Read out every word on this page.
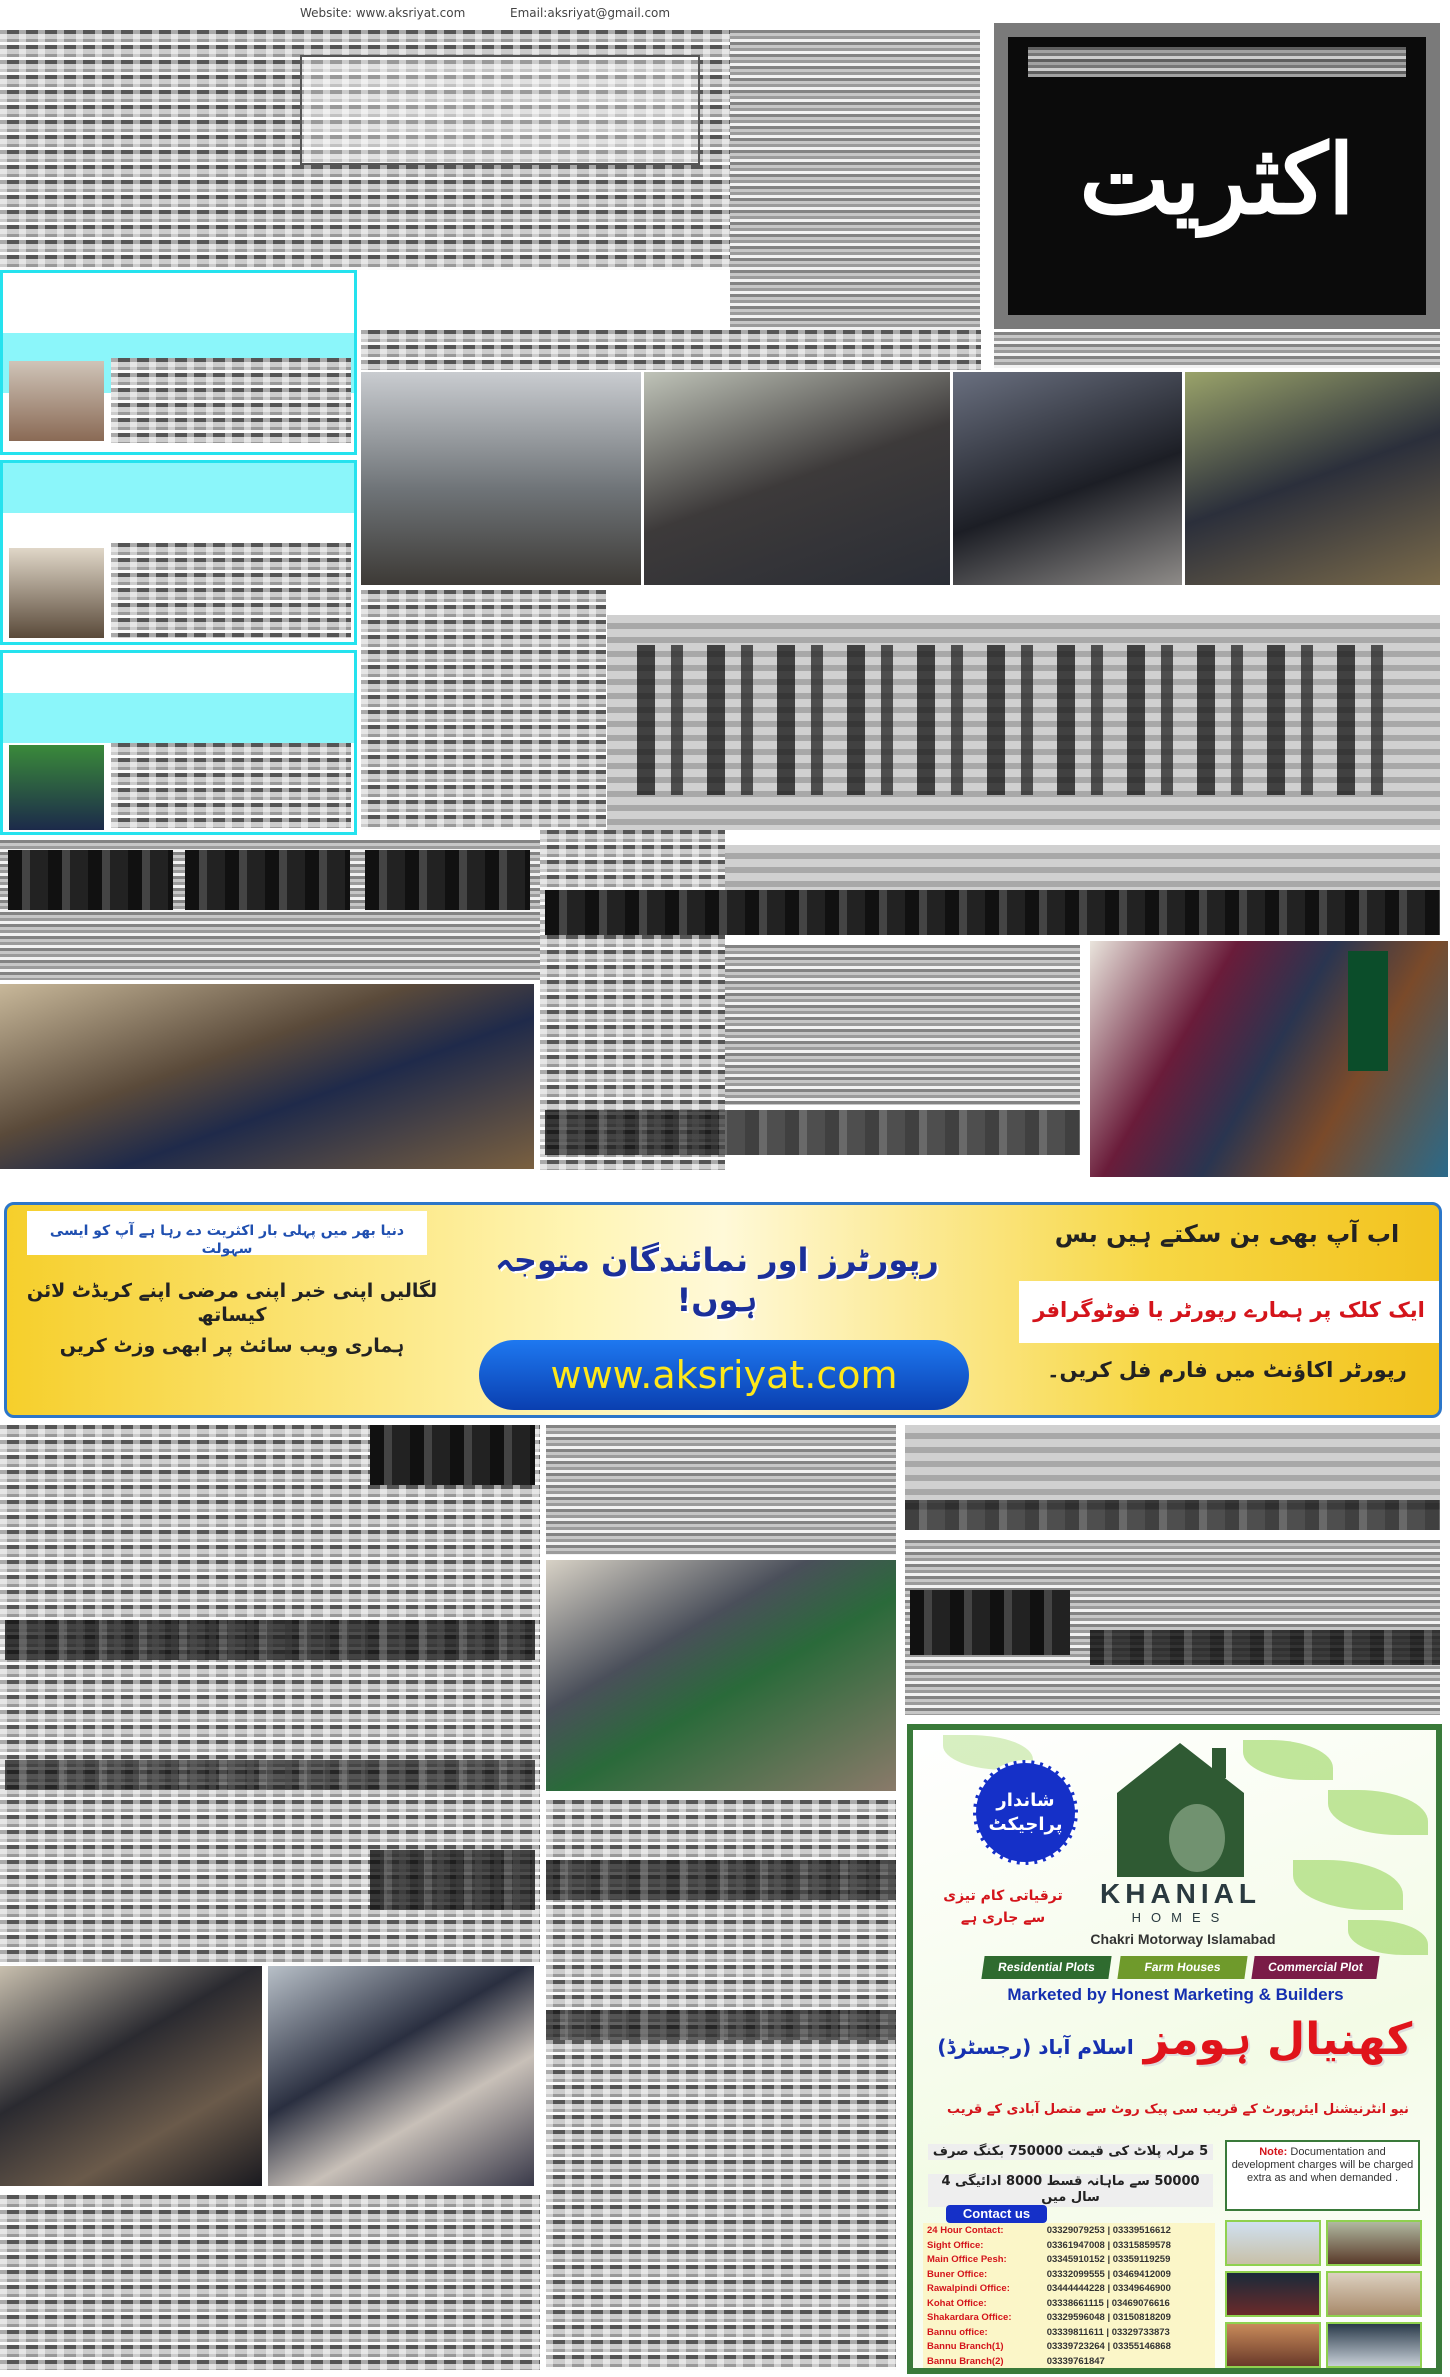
Website: www.aksriyat.com	Email:aksriyat@gmail.com
اکثریت
دنیا بھر میں پہلی بار اکثریت دے رہا ہے آپ کو ایسی سہولت
لگالیں اپنی خبر اپنی مرضی اپنے کریڈٹ لائن کیساتھ
ہماری ویب سائٹ پر ابھی وزٹ کریں
رپورٹرز اور نمائندگان متوجہ ہوں!
www.aksriyat.com
اب آپ بھی بن سکتے ہیں بس
ایک کلک پر ہمارے رپورٹر یا فوٹوگرافر
رپورٹر اکاؤنٹ میں فارم فل کریں۔
شاندار پراجیکٹ
ترقیاتی کام تیزی سے جاری ہے
KHANIAL
HOMES
Chakri Motorway Islamabad
Residential Plots	Farm Houses	Commercial Plot
Marketed by Honest Marketing & Builders
کھنیال ہومز
اسلام آباد (رجسٹرڈ)
نیو انٹرنیشنل ایئرپورٹ کے قریب سی پیک روٹ سے متصل آبادی کے قریب
5 مرلہ پلاٹ کی قیمت 750000 بکنگ صرف
50000 سے ماہانہ قسط 8000 ادائیگی 4 سال میں
Note: Documentation and development charges will be charged extra as and when demanded .
Contact us
24 Hour Contact:	03329079253 | 03339516612
Sight Office:	03361947008 | 03315859578
Main Office Pesh:	03345910152 | 03359119259
Buner Office:	03332099555 | 03469412009
Rawalpindi Office:	03444444228 | 03349646900
Kohat Office:	03338661115 | 03469076616
Shakardara Office:	03329596048 | 03150818209
Bannu office:	03339811611 | 03329733873
Bannu Branch(1)	03339723264 | 03355146868
Bannu Branch(2)	03339761847
